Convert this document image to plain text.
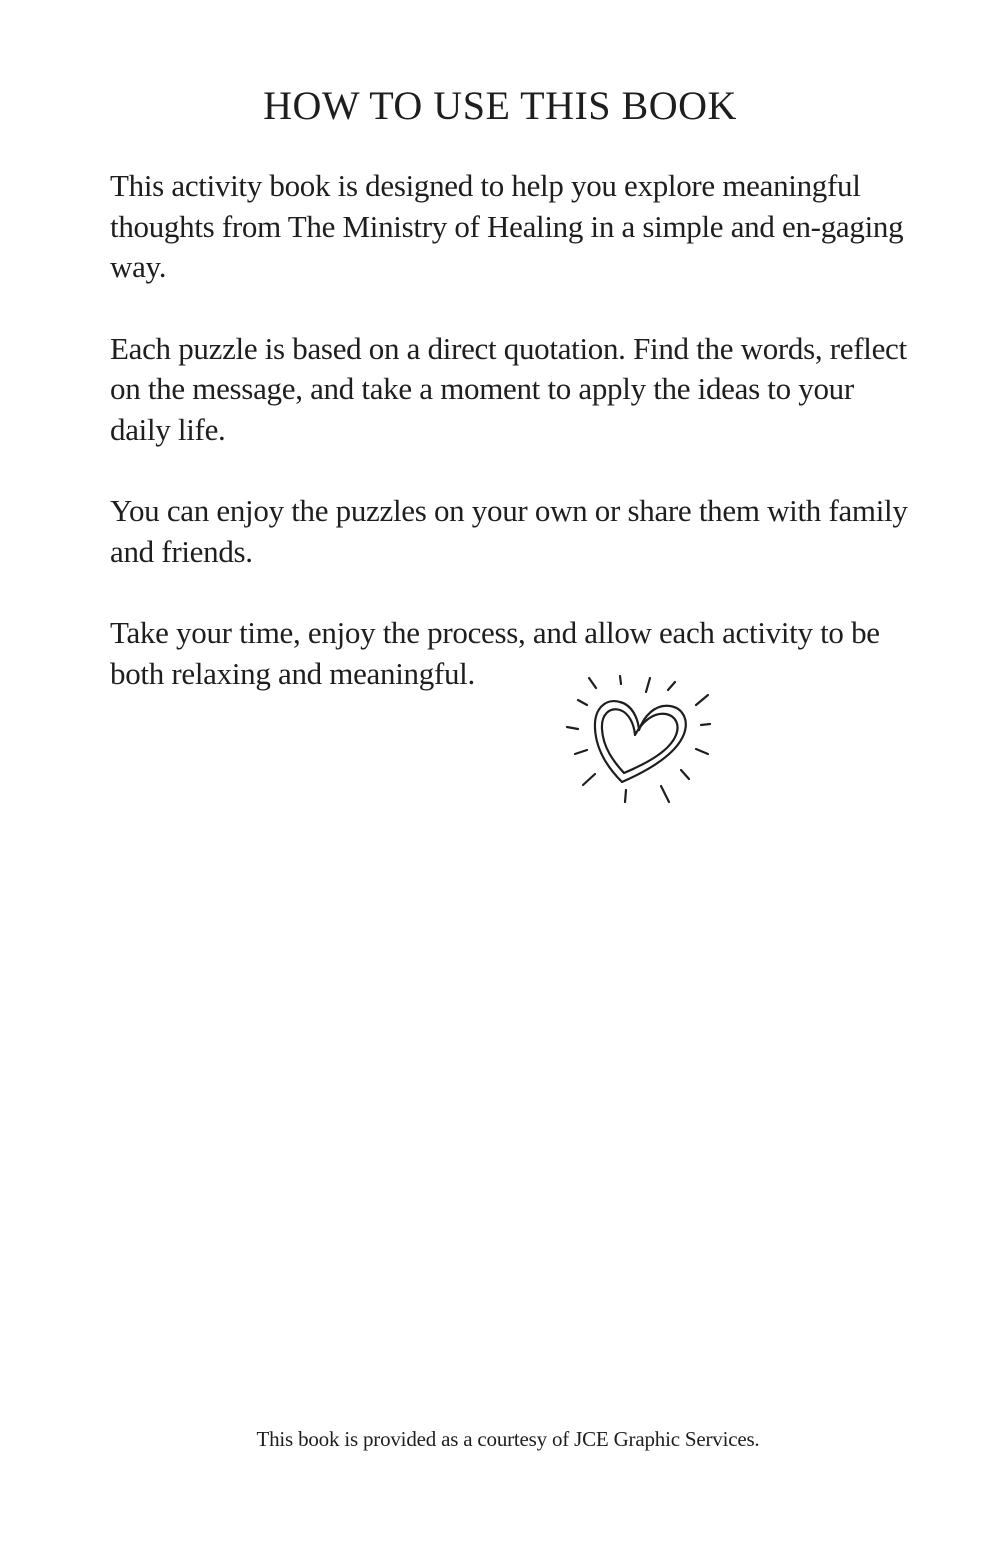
HOW TO USE THIS BOOK

This activity book is designed to help you explore meaningful thoughts from The Ministry of Healing in a simple and en-gaging way.

Each puzzle is based on a direct quotation. Find the words, reflect on the message, and take a moment to apply the ideas to your daily life.

You can enjoy the puzzles on your own or share them with family and friends.

Take your time, enjoy the process, and allow each activity to be both relaxing and meaningful.

This book is provided as a courtesy of JCE Graphic Services.
